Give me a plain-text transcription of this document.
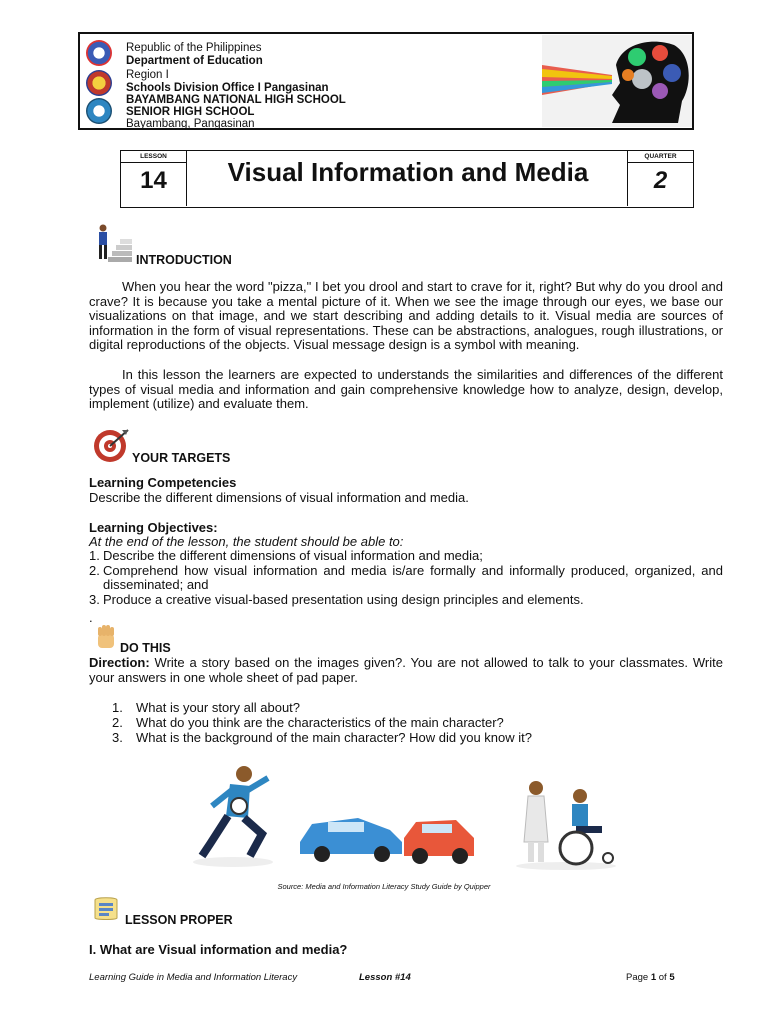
Republic of the Philippines
Department of Education
Region I
Schools Division Office I Pangasinan
BAYAMBANG NATIONAL HIGH SCHOOL
SENIOR HIGH SCHOOL
Bayambang, Pangasinan
LESSON
14	Visual Information and Media
QUARTER
2
INTRODUCTION
When you hear the word "pizza," I bet you drool and start to crave for it, right? But why do you drool and crave? It is because you take a mental picture of it. When we see the image through our eyes, we base our visualizations on that image, and we start describing and adding details to it. Visual media are sources of information in the form of visual representations. These can be abstractions, analogues, rough illustrations, or digital reproductions of the objects. Visual message design is a symbol with meaning.
In this lesson the learners are expected to understands the similarities and differences of the different types of visual media and information and gain comprehensive knowledge how to analyze, design, develop, implement (utilize) and evaluate them.
YOUR TARGETS
Learning Competencies
Describe the different dimensions of visual information and media.
Learning Objectives:
At the end of the lesson, the student should be able to:
1. Describe the different dimensions of visual information and media;
2. Comprehend how visual information and media is/are formally and informally produced, organized, and disseminated; and
3. Produce a creative visual-based presentation using design principles and elements.
.
DO THIS
Direction: Write a story based on the images given?. You are not allowed to talk to your classmates. Write your answers in one whole sheet of pad paper.
1.	What is your story all about?
2.	What do you think are the characteristics of the main character?
3.	What is the background of the main character? How did you know it?
Source: Media and Information Literacy Study Guide by Quipper
LESSON PROPER
I. What are Visual information and media?
Learning Guide in Media and Information Literacy	Lesson #14	Page 1 of 5
